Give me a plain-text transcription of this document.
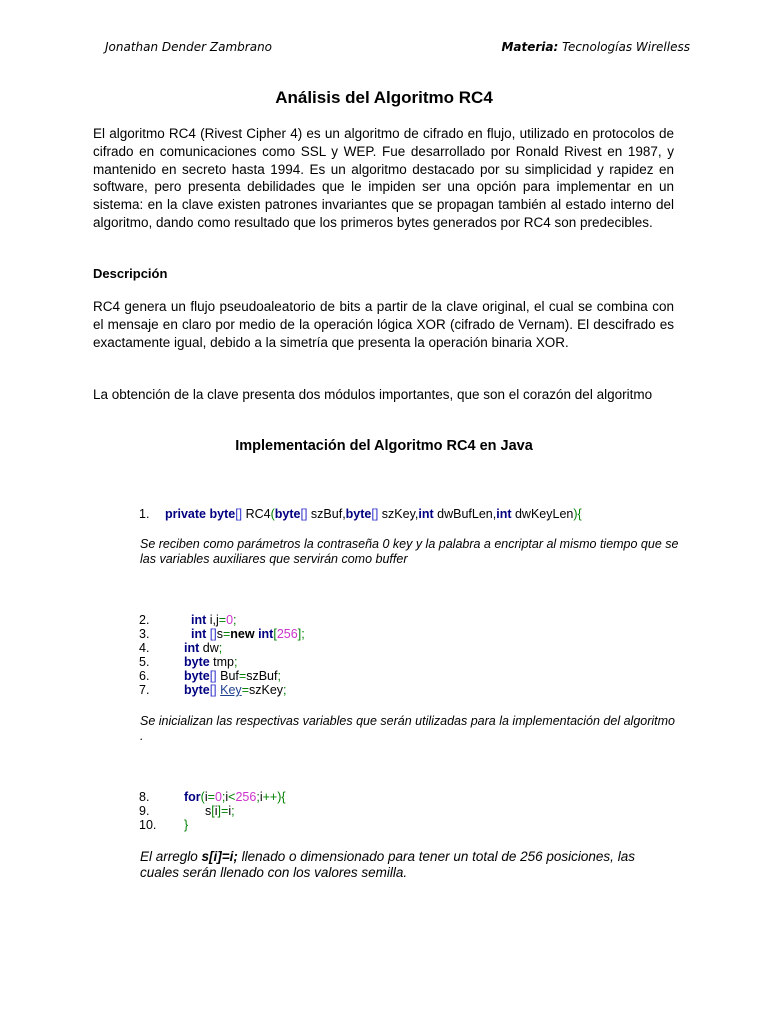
Jonathan Dender Zambrano	Materia: Tecnologías Wirelless
Análisis del Algoritmo RC4
El algoritmo RC4 (Rivest Cipher 4) es un algoritmo de cifrado en flujo, utilizado en protocolos de cifrado en comunicaciones como SSL y WEP. Fue desarrollado por Ronald Rivest en 1987, y mantenido en secreto hasta 1994. Es un algoritmo destacado por su simplicidad y rapidez en software, pero presenta debilidades que le impiden ser una opción para implementar en un sistema: en la clave existen patrones invariantes que se propagan también al estado interno del algoritmo, dando como resultado que los primeros bytes generados por RC4 son predecibles.
Descripción
RC4 genera un flujo pseudoaleatorio de bits a partir de la clave original, el cual se combina con el mensaje en claro por medio de la operación lógica XOR (cifrado de Vernam). El descifrado es exactamente igual, debido a la simetría que presenta la operación binaria XOR.
La obtención de la clave presenta dos módulos importantes, que son el corazón del algoritmo
Implementación del Algoritmo RC4 en Java
1. private byte[] RC4(byte[] szBuf,byte[] szKey,int dwBufLen,int dwKeyLen){
Se reciben como parámetros la contraseña 0 key y la palabra a encriptar al mismo tiempo que se las variables auxiliares que servirán como buffer
2.
3.
4.
5.
6.
7.
int i,j=0;
int []s=new int[256];
int dw;
byte tmp;
byte[] Buf=szBuf;
byte[] Key=szKey;
Se inicializan las respectivas variables que serán utilizadas para la implementación del algoritmo .
8.
9.
10.
for(i=0;i<256;i++){
s[i]=i;
}
El arreglo s[i]=i; llenado o dimensionado para tener un total de 256 posiciones, las cuales serán llenado con los valores semilla.
